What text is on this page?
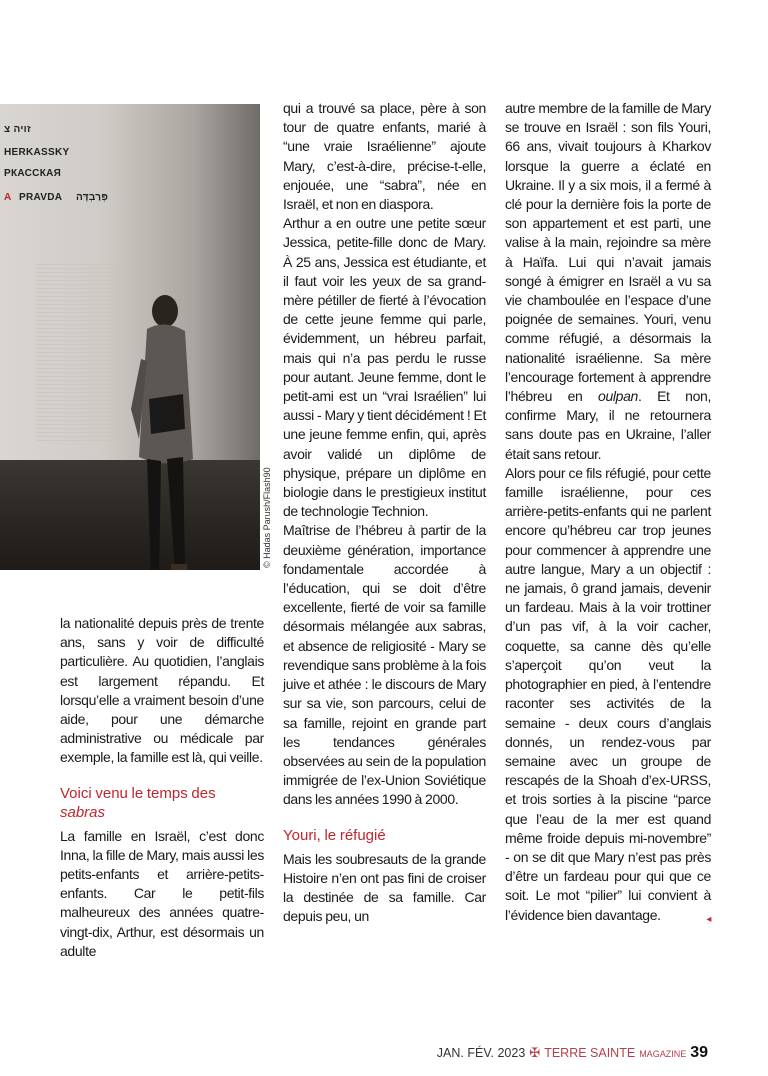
זויה צ
HERKASSKY
РКАССКАЯ
A PRAVDA פְּרַבְדָּה
© Hadas Parush/Flash90

la nationalité depuis près de trente ans, sans y voir de difficulté particulière. Au quotidien, l’anglais est largement répandu. Et lorsqu’elle a vraiment besoin d’une aide, pour une démarche administrative ou médicale par exemple, la famille est là, qui veille.

Voici venu le temps des sabras

La famille en Israël, c’est donc Inna, la fille de Mary, mais aussi les petits-enfants et arrière-petits-enfants. Car le petit-fils malheureux des années quatre-vingt-dix, Arthur, est désormais un adulte

qui a trouvé sa place, père à son tour de quatre enfants, marié à “une vraie Israélienne” ajoute Mary, c’est-à-dire, précise-t-elle, enjouée, une “sabra”, née en Israël, et non en diaspora.

Arthur a en outre une petite sœur Jessica, petite-fille donc de Mary. À 25 ans, Jessica est étudiante, et il faut voir les yeux de sa grand-mère pétiller de fierté à l’évocation de cette jeune femme qui parle, évidemment, un hébreu parfait, mais qui n’a pas perdu le russe pour autant. Jeune femme, dont le petit-ami est un “vrai Israélien” lui aussi - Mary y tient décidément ! Et une jeune femme enfin, qui, après avoir validé un diplôme de physique, prépare un diplôme en biologie dans le prestigieux institut de technologie Technion.

Maîtrise de l’hébreu à partir de la deuxième génération, importance fondamentale accordée à l’éducation, qui se doit d’être excellente, fierté de voir sa famille désormais mélangée aux sabras, et absence de religiosité - Mary se revendique sans problème à la fois juive et athée : le discours de Mary sur sa vie, son parcours, celui de sa famille, rejoint en grande part les tendances générales observées au sein de la population immigrée de l’ex-Union Soviétique dans les années 1990 à 2000.

Youri, le réfugié

Mais les soubresauts de la grande Histoire n’en ont pas fini de croiser la destinée de sa famille. Car depuis peu, un

autre membre de la famille de Mary se trouve en Israël : son fils Youri, 66 ans, vivait toujours à Kharkov lorsque la guerre a éclaté en Ukraine. Il y a six mois, il a fermé à clé pour la dernière fois la porte de son appartement et est parti, une valise à la main, rejoindre sa mère à Haïfa. Lui qui n’avait jamais songé à émigrer en Israël a vu sa vie chamboulée en l’espace d’une poignée de semaines. Youri, venu comme réfugié, a désormais la nationalité israélienne. Sa mère l’encourage fortement à apprendre l’hébreu en oulpan. Et non, confirme Mary, il ne retournera sans doute pas en Ukraine, l’aller était sans retour.

Alors pour ce fils réfugié, pour cette famille israélienne, pour ces arrière-petits-enfants qui ne parlent encore qu’hébreu car trop jeunes pour commencer à apprendre une autre langue, Mary a un objectif : ne jamais, ô grand jamais, devenir un fardeau. Mais à la voir trottiner d’un pas vif, à la voir cacher, coquette, sa canne dès qu’elle s’aperçoit qu’on veut la photographier en pied, à l’entendre raconter ses activités de la semaine - deux cours d’anglais donnés, un rendez-vous par semaine avec un groupe de rescapés de la Shoah d’ex-URSS, et trois sorties à la piscine “parce que l’eau de la mer est quand même froide depuis mi-novembre” - on se dit que Mary n’est pas près d’être un fardeau pour qui que ce soit. Le mot “pilier” lui convient à l’évidence bien davantage.	◂

JAN. FÉV. 2023 ✠ TERRE SAINTE MAGAZINE 39
